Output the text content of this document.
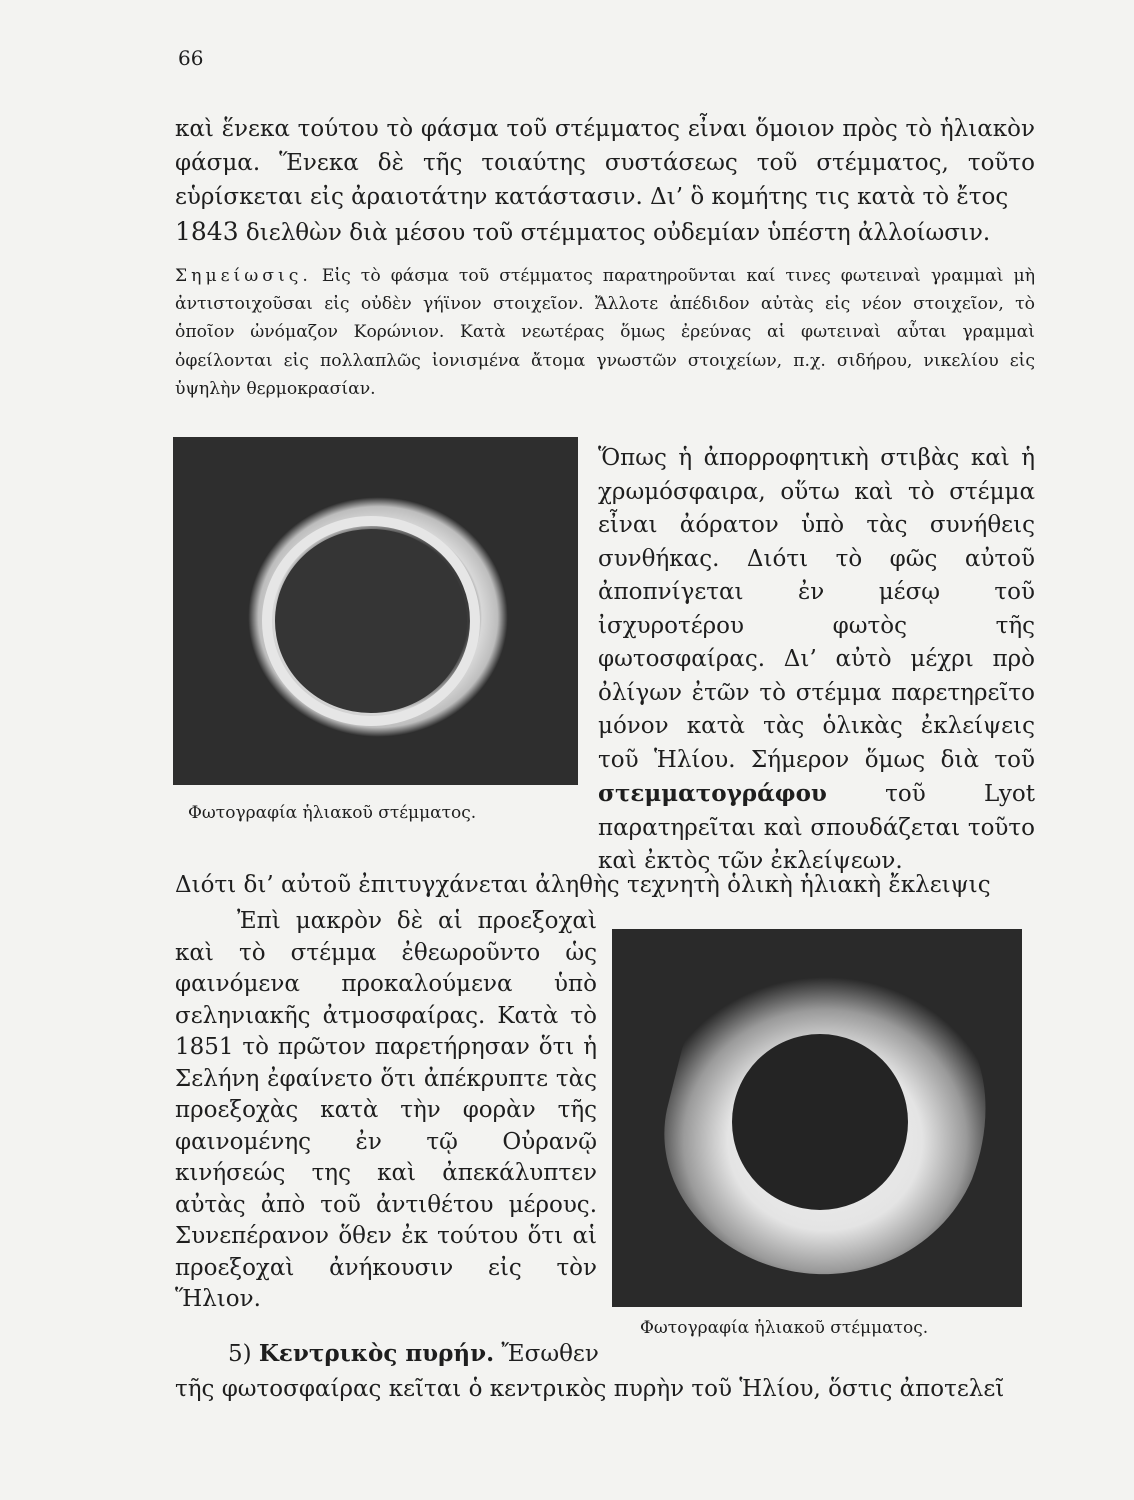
66

καὶ ἕνεκα τούτου τὸ φάσμα τοῦ στέμματος εἶναι ὅμοιον πρὸς τὸ ἡλιακὸν φάσμα. Ἕνεκα δὲ τῆς τοιαύτης συστάσεως τοῦ στέμματος, τοῦτο εὑρίσκεται εἰς ἀραιοτάτην κατάστασιν. Δι’ ὃ κομήτης τις κατὰ τὸ ἔτος
1843 διελθὼν διὰ μέσου τοῦ στέμματος οὐδεμίαν ὑπέστη ἀλλοίωσιν.

Σημείωσις. Εἰς τὸ φάσμα τοῦ στέμματος παρατηροῦνται καί τινες φωτειναὶ γραμμαὶ μὴ ἀντιστοιχοῦσαι εἰς οὐδὲν γήϊνον στοιχεῖον. Ἄλλοτε ἀπέδιδον αὐτὰς εἰς νέον στοιχεῖον, τὸ ὁποῖον ὠνόμαζον Κορώνιον. Κατὰ νεωτέρας ὅμως ἐρεύνας αἱ φωτειναὶ αὗται γραμμαὶ ὀφείλονται εἰς πολλαπλῶς ἰονισμένα ἄτομα γνωστῶν στοιχείων, π.χ. σιδήρου, νικελίου εἰς ὑψηλὴν θερμοκρασίαν.

Φωτογραφία ἡλιακοῦ στέμματος.

Ὅπως ἡ ἀπορροφητικὴ στιβὰς καὶ ἡ χρωμόσφαιρα, οὕτω καὶ τὸ στέμμα εἶναι ἀόρατον ὑπὸ τὰς συνήθεις συνθήκας. Διότι τὸ φῶς αὐτοῦ ἀποπνίγεται ἐν μέσῳ τοῦ ἰσχυροτέρου φωτὸς τῆς φωτοσφαίρας. Δι’ αὐτὸ μέχρι πρὸ ὀλίγων ἐτῶν τὸ στέμμα παρετηρεῖτο μόνον κατὰ τὰς ὁλικὰς ἐκλείψεις τοῦ Ἡλίου. Σήμερον ὅμως διὰ τοῦ στεμματογράφου τοῦ Lyot παρατηρεῖται καὶ σπουδάζεται τοῦτο καὶ ἐκτὸς τῶν ἐκλείψεων.

Διότι δι’ αὐτοῦ ἐπιτυγχάνεται ἀληθὴς τεχνητὴ ὁλικὴ ἡλιακὴ ἔκλειψις

Ἐπὶ μακρὸν δὲ αἱ προεξοχαὶ καὶ τὸ στέμμα ἐθεωροῦντο ὡς φαινόμενα προκαλούμενα ὑπὸ σεληνιακῆς ἀτμοσφαίρας. Κατὰ τὸ 1851 τὸ πρῶτον παρετήρησαν ὅτι ἡ Σελήνη ἐφαίνετο ὅτι ἀπέκρυπτε τὰς προεξοχὰς κατὰ τὴν φορὰν τῆς φαινομένης ἐν τῷ Οὐρανῷ κινήσεώς της καὶ ἀπεκάλυπτεν αὐτὰς ἀπὸ τοῦ ἀντιθέτου μέρους. Συνεπέρανον ὅθεν ἐκ τούτου ὅτι αἱ προεξοχαὶ ἀνήκουσιν εἰς τὸν Ἥλιον.

Φωτογραφία ἡλιακοῦ στέμματος.
5) Κεντρικὸς πυρήν. Ἔσωθεν
τῆς φωτοσφαίρας κεῖται ὁ κεντρικὸς πυρὴν τοῦ Ἡλίου, ὅστις ἀποτελεῖ
